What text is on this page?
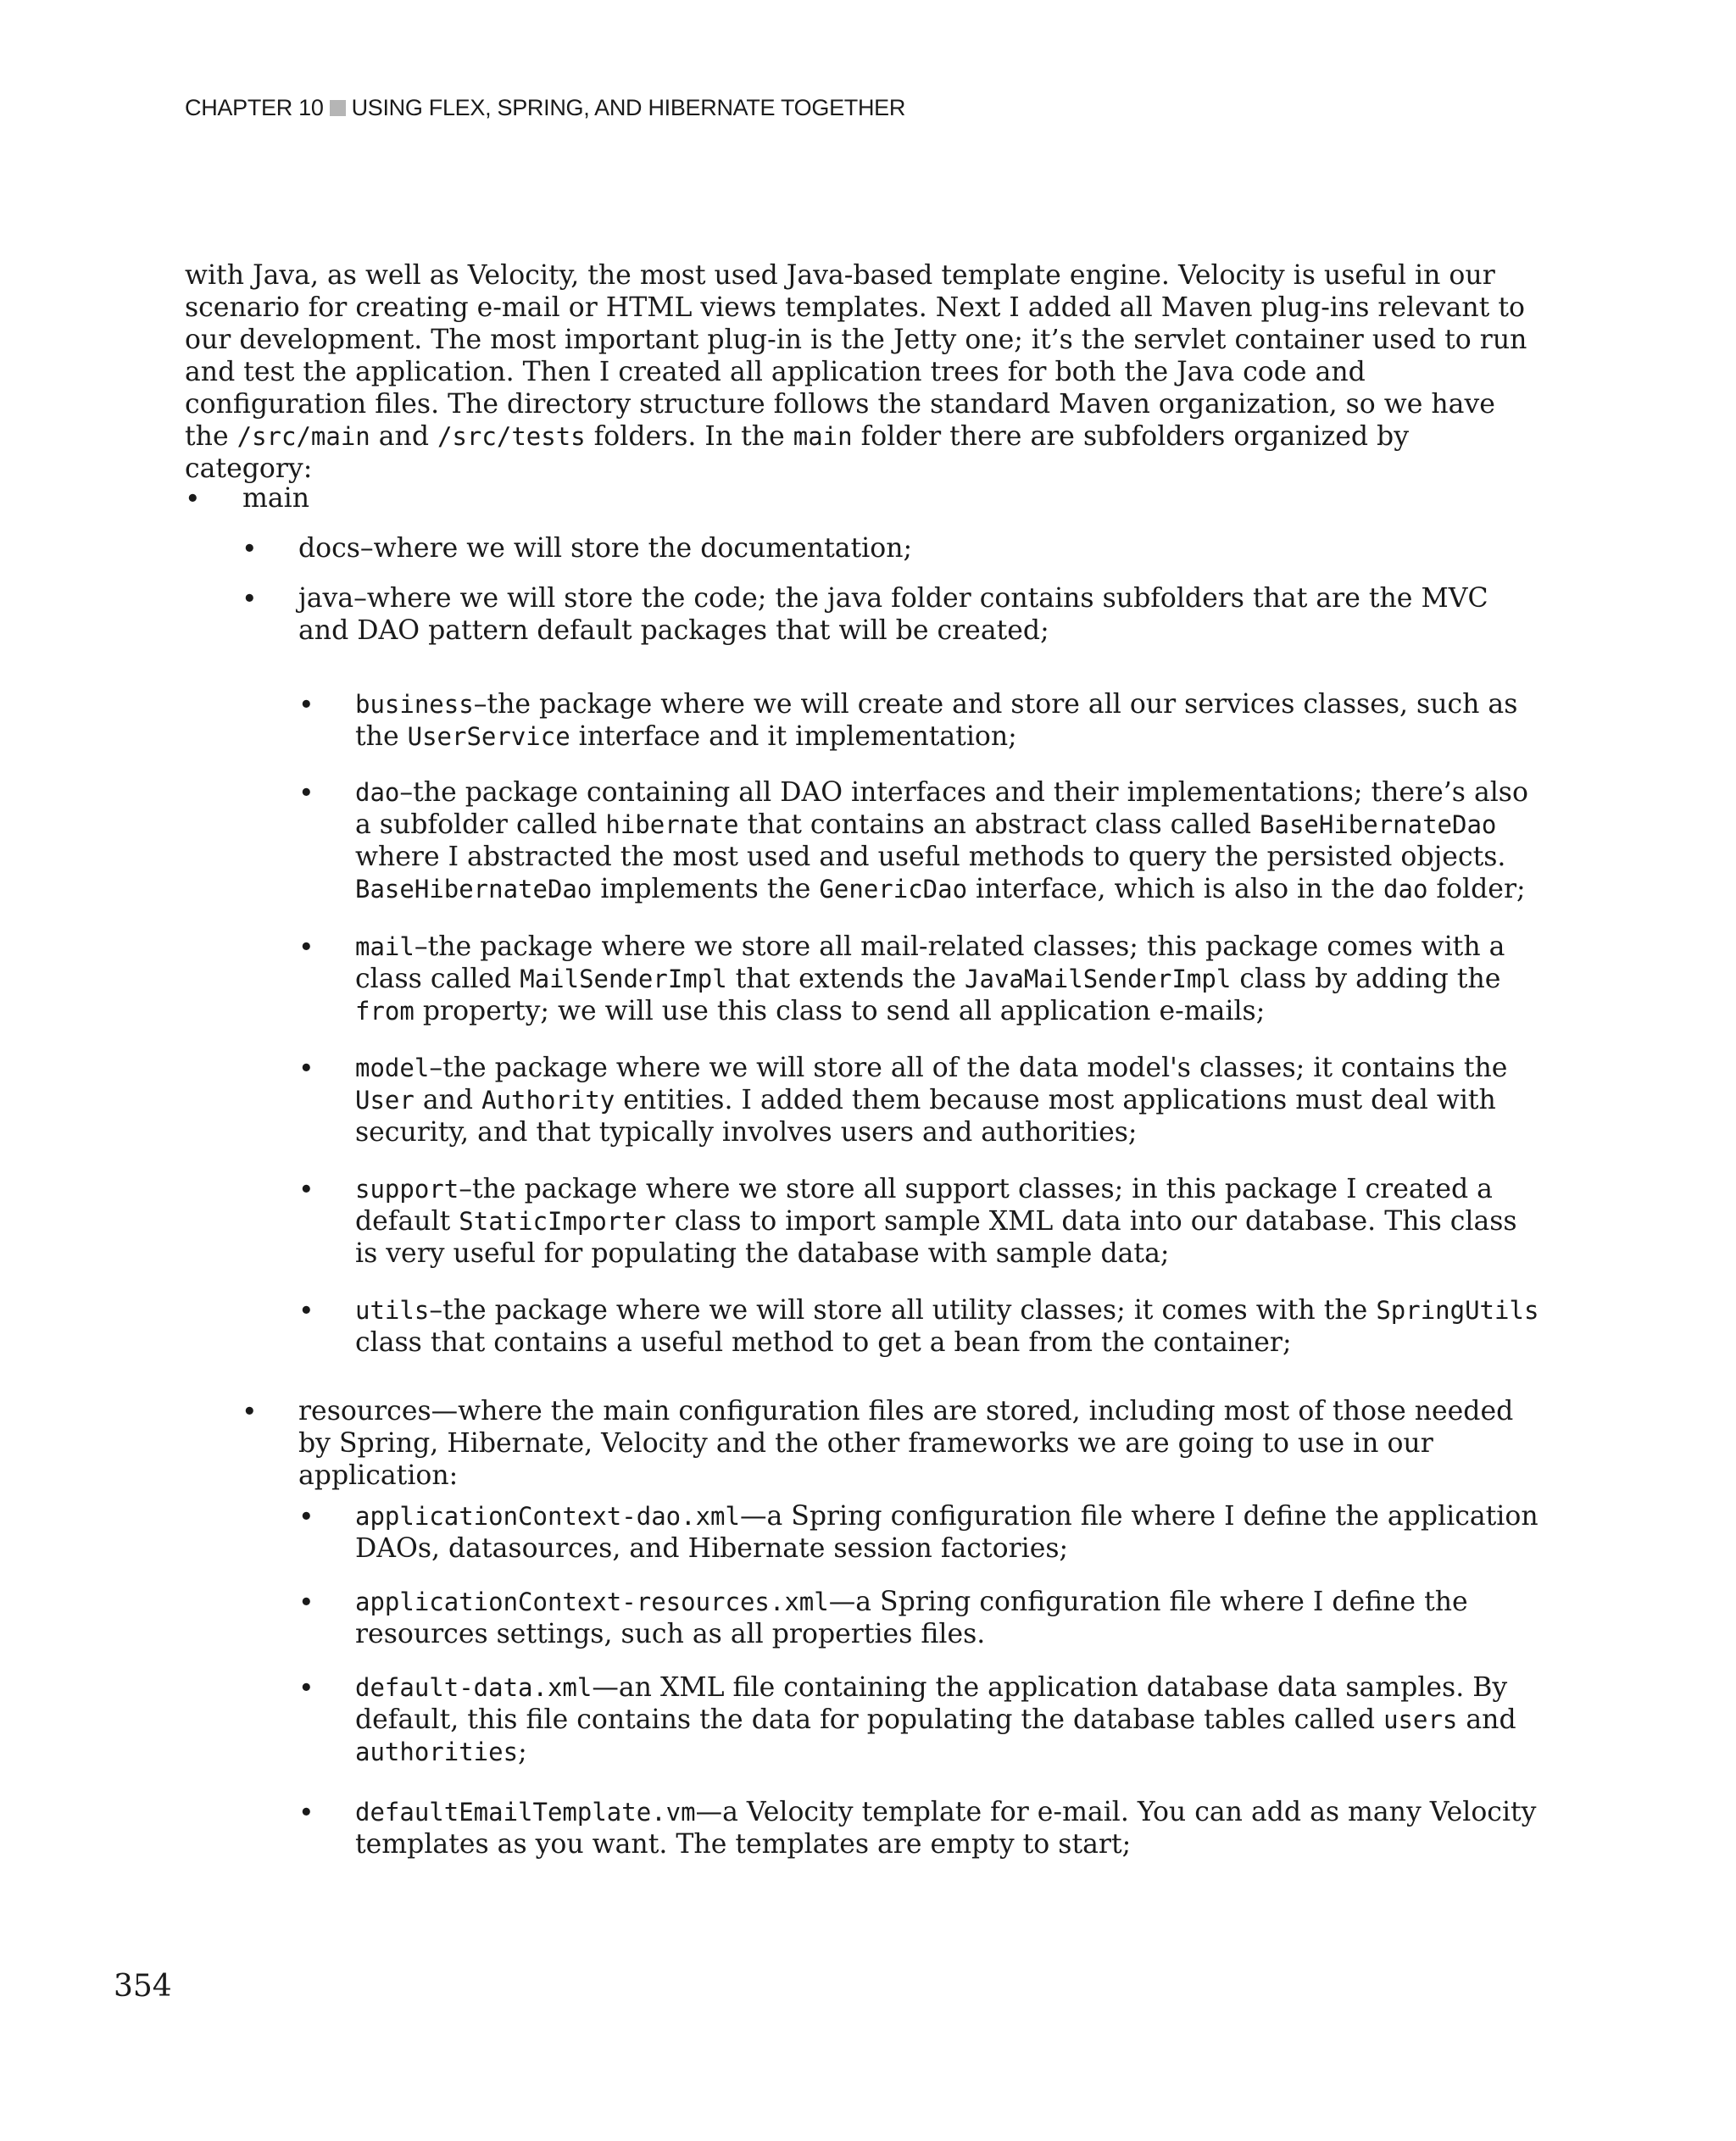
CHAPTER 10 USING FLEX, SPRING, AND HIBERNATE TOGETHER

with Java, as well as Velocity, the most used Java-based template engine. Velocity is useful in our scenario for creating e-mail or HTML views templates. Next I added all Maven plug-ins relevant to our development. The most important plug-in is the Jetty one; it’s the servlet container used to run and test the application. Then I created all application trees for both the Java code and configuration files. The directory structure follows the standard Maven organization, so we have the /src/main and /src/tests folders. In the main folder there are subfolders organized by category:

• main
• docs–where we will store the documentation;
• java–where we will store the code; the java folder contains subfolders that are the MVC and DAO pattern default packages that will be created;
• business–the package where we will create and store all our services classes, such as the UserService interface and it implementation;
• dao–the package containing all DAO interfaces and their implementations; there’s also a subfolder called hibernate that contains an abstract class called BaseHibernateDao where I abstracted the most used and useful methods to query the persisted objects. BaseHibernateDao implements the GenericDao interface, which is also in the dao folder;
• mail–the package where we store all mail-related classes; this package comes with a class called MailSenderImpl that extends the JavaMailSenderImpl class by adding the from property; we will use this class to send all application e-mails;
• model–the package where we will store all of the data model's classes; it contains the User and Authority entities. I added them because most applications must deal with security, and that typically involves users and authorities;
• support–the package where we store all support classes; in this package I created a default StaticImporter class to import sample XML data into our database. This class is very useful for populating the database with sample data;
• utils–the package where we will store all utility classes; it comes with the SpringUtils class that contains a useful method to get a bean from the container;
• resources—where the main configuration files are stored, including most of those needed by Spring, Hibernate, Velocity and the other frameworks we are going to use in our application:
• applicationContext-dao.xml—a Spring configuration file where I define the application DAOs, datasources, and Hibernate session factories;
• applicationContext-resources.xml—a Spring configuration file where I define the resources settings, such as all properties files.
• default-data.xml—an XML file containing the application database data samples. By default, this file contains the data for populating the database tables called users and authorities;
• defaultEmailTemplate.vm—a Velocity template for e-mail. You can add as many Velocity templates as you want. The templates are empty to start;
354
